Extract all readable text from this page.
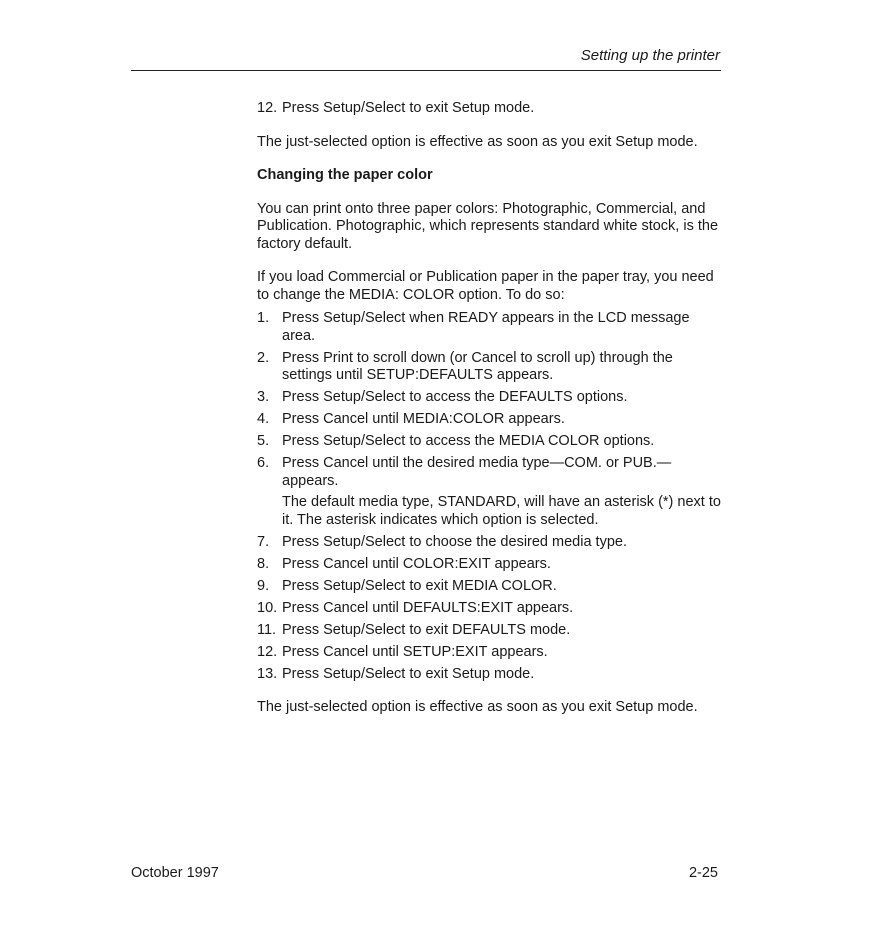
Setting up the printer
12. Press Setup/Select to exit Setup mode.

The just-selected option is effective as soon as you exit Setup mode.

Changing the paper color

You can print onto three paper colors: Photographic, Commercial, and Publication. Photographic, which represents standard white stock, is the factory default.

If you load Commercial or Publication paper in the paper tray, you need to change the MEDIA: COLOR option. To do so:

1. Press Setup/Select when READY appears in the LCD message area.
2. Press Print to scroll down (or Cancel to scroll up) through the settings until SETUP:DEFAULTS appears.
3. Press Setup/Select to access the DEFAULTS options.
4. Press Cancel until MEDIA:COLOR appears.
5. Press Setup/Select to access the MEDIA COLOR options.
6. Press Cancel until the desired media type—COM. or PUB.—appears.
The default media type, STANDARD, will have an asterisk (*) next to it. The asterisk indicates which option is selected.
7. Press Setup/Select to choose the desired media type.
8. Press Cancel until COLOR:EXIT appears.
9. Press Setup/Select to exit MEDIA COLOR.
10. Press Cancel until DEFAULTS:EXIT appears.
11. Press Setup/Select to exit DEFAULTS mode.
12. Press Cancel until SETUP:EXIT appears.
13. Press Setup/Select to exit Setup mode.

The just-selected option is effective as soon as you exit Setup mode.

October 1997	2-25
